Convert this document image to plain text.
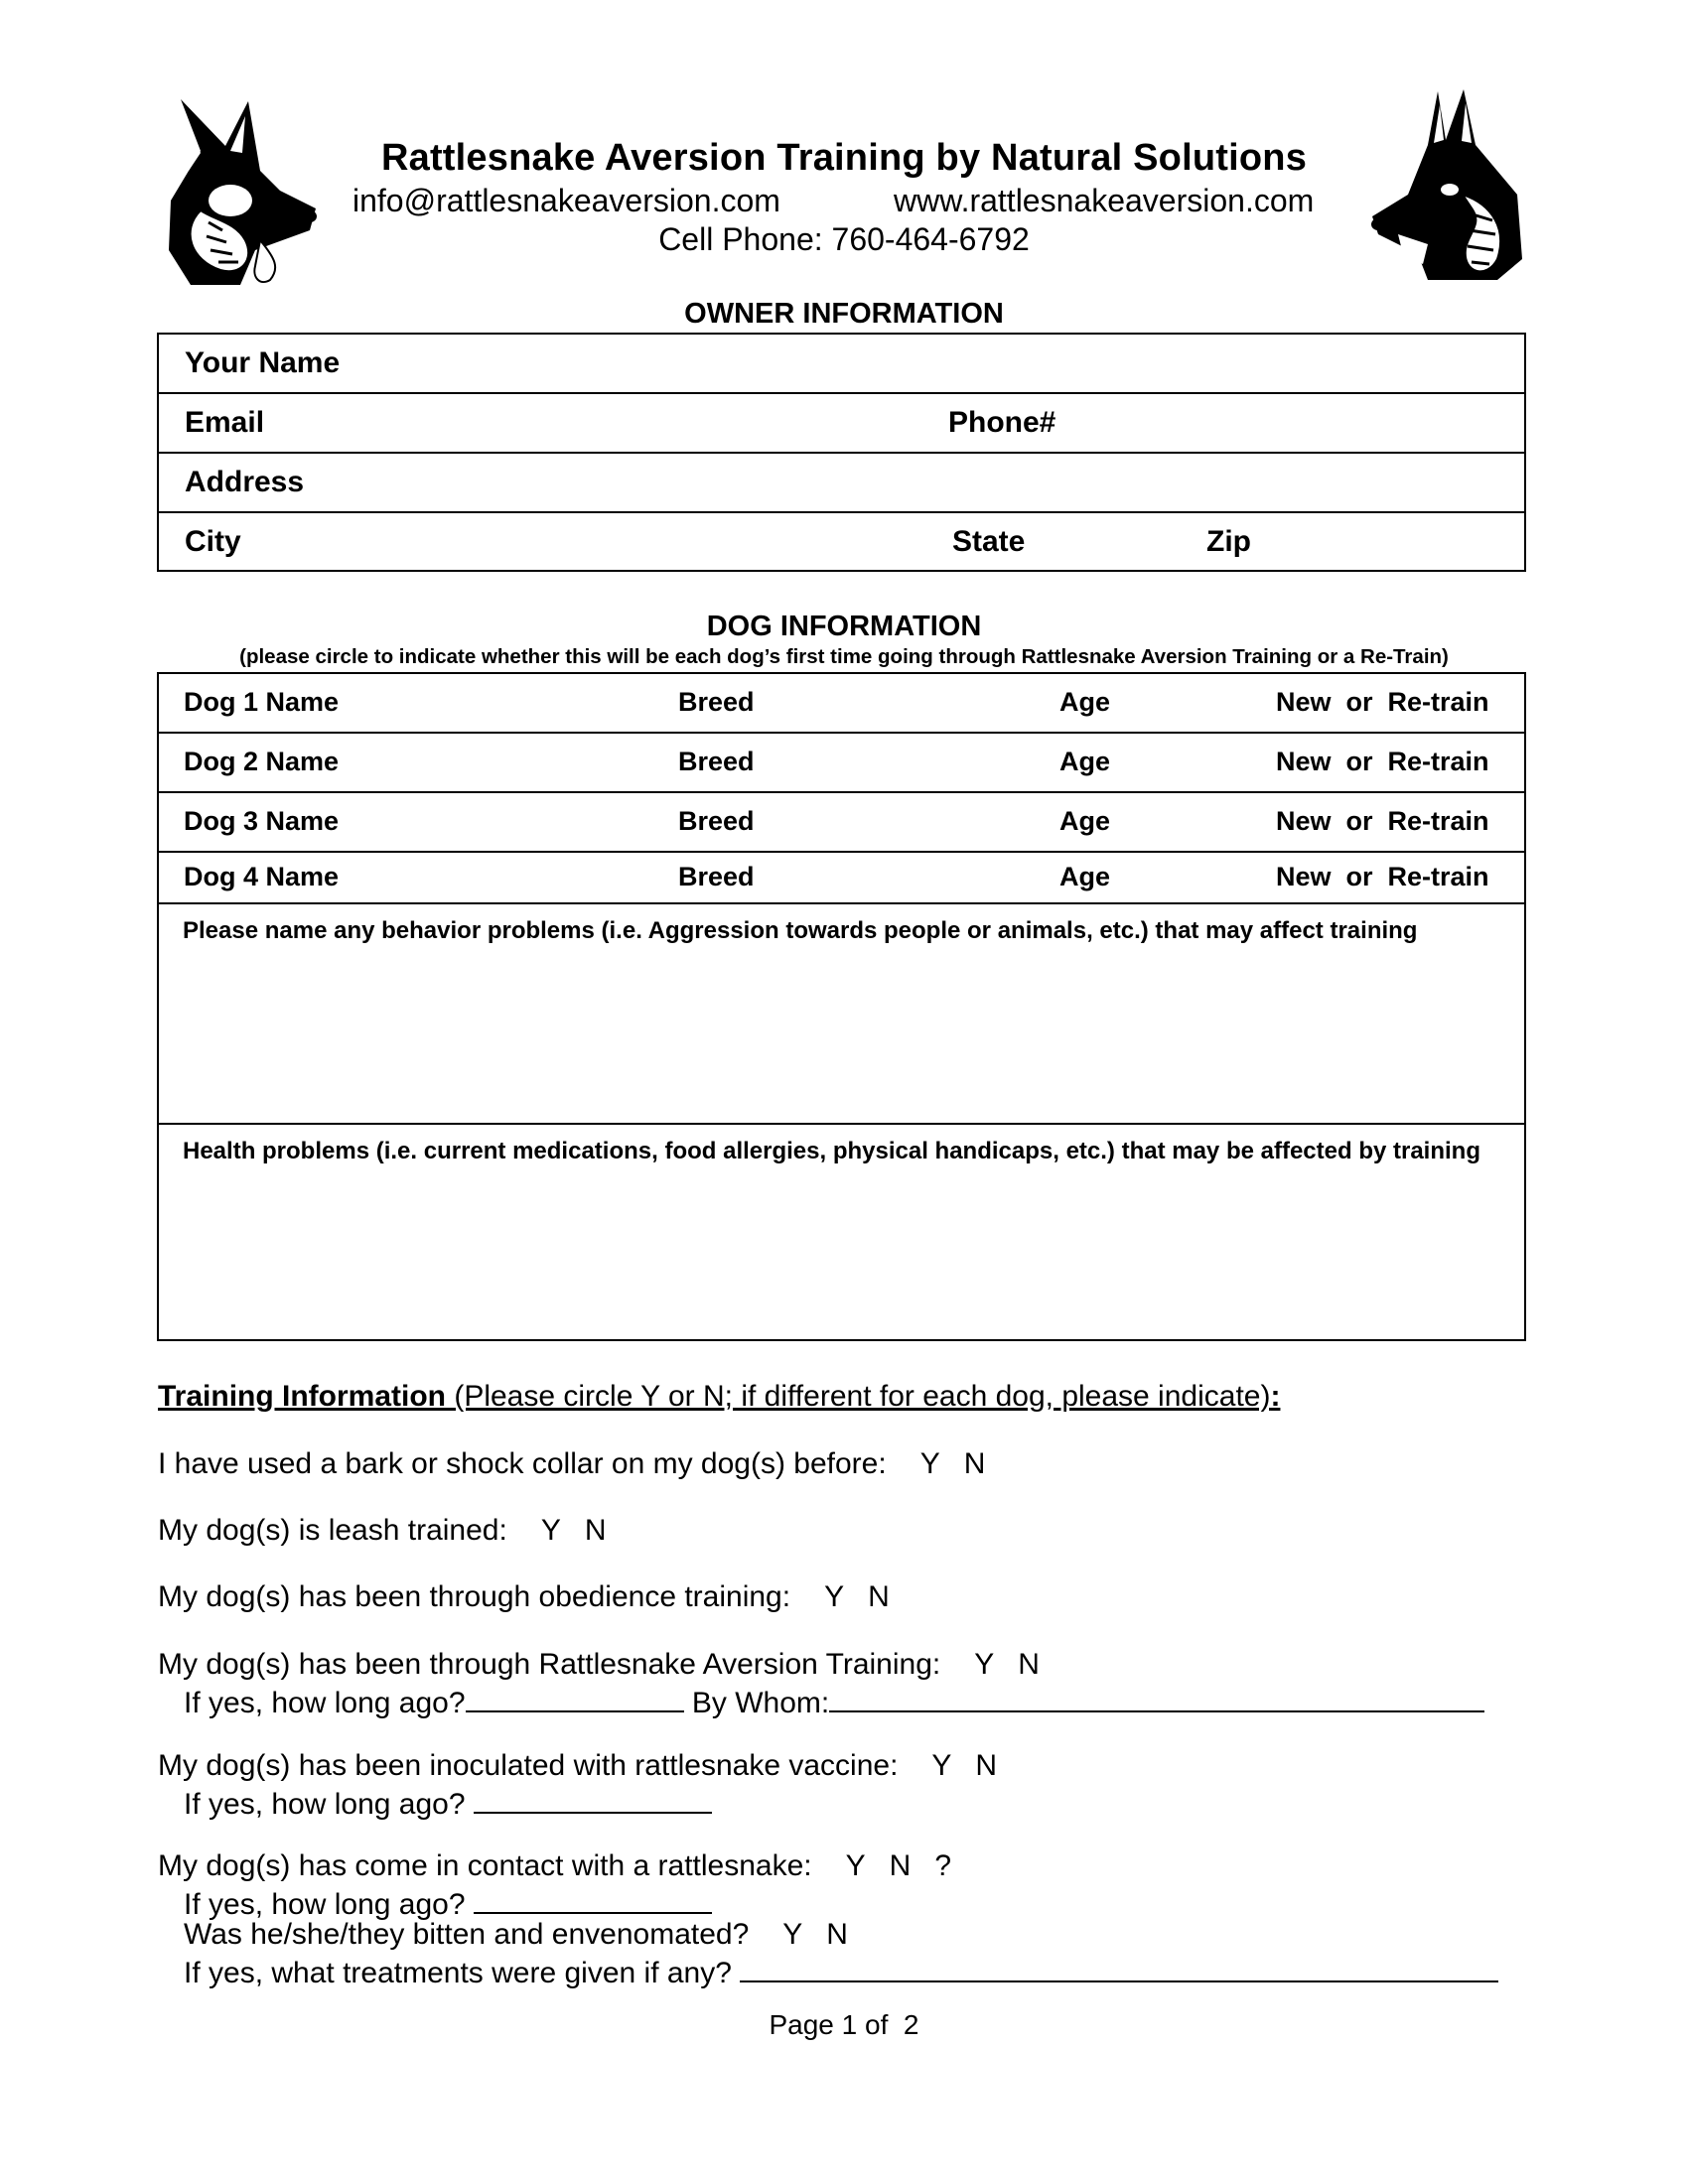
Rattlesnake Aversion Training by Natural Solutions
info@rattlesnakeaversion.com	www.rattlesnakeaversion.com
Cell Phone: 760-464-6792
OWNER INFORMATION
Your Name
Email	Phone#
Address
City	State	Zip
DOG INFORMATION
(please circle to indicate whether this will be each dog’s first time going through Rattlesnake Aversion Training or a Re-Train)
Dog 1 Name	Breed	Age	New  or  Re-train
Dog 2 Name	Breed	Age	New  or  Re-train
Dog 3 Name	Breed	Age	New  or  Re-train
Dog 4 Name	Breed	Age	New  or  Re-train
Please name any behavior problems (i.e. Aggression towards people or animals, etc.) that may affect training
Health problems (i.e. current medications, food allergies, physical handicaps, etc.) that may be affected by training
Training Information (Please circle Y or N; if different for each dog, please indicate):
I have used a bark or shock collar on my dog(s) before: Y N
My dog(s) is leash trained: Y N
My dog(s) has been through obedience training: Y N
My dog(s) has been through Rattlesnake Aversion Training: Y N
If yes, how long ago?	By Whom:
My dog(s) has been inoculated with rattlesnake vaccine: Y N
If yes, how long ago?
My dog(s) has come in contact with a rattlesnake: Y N ?
If yes, how long ago?
Was he/she/they bitten and envenomated? Y N
If yes, what treatments were given if any?
Page 1 of  2
